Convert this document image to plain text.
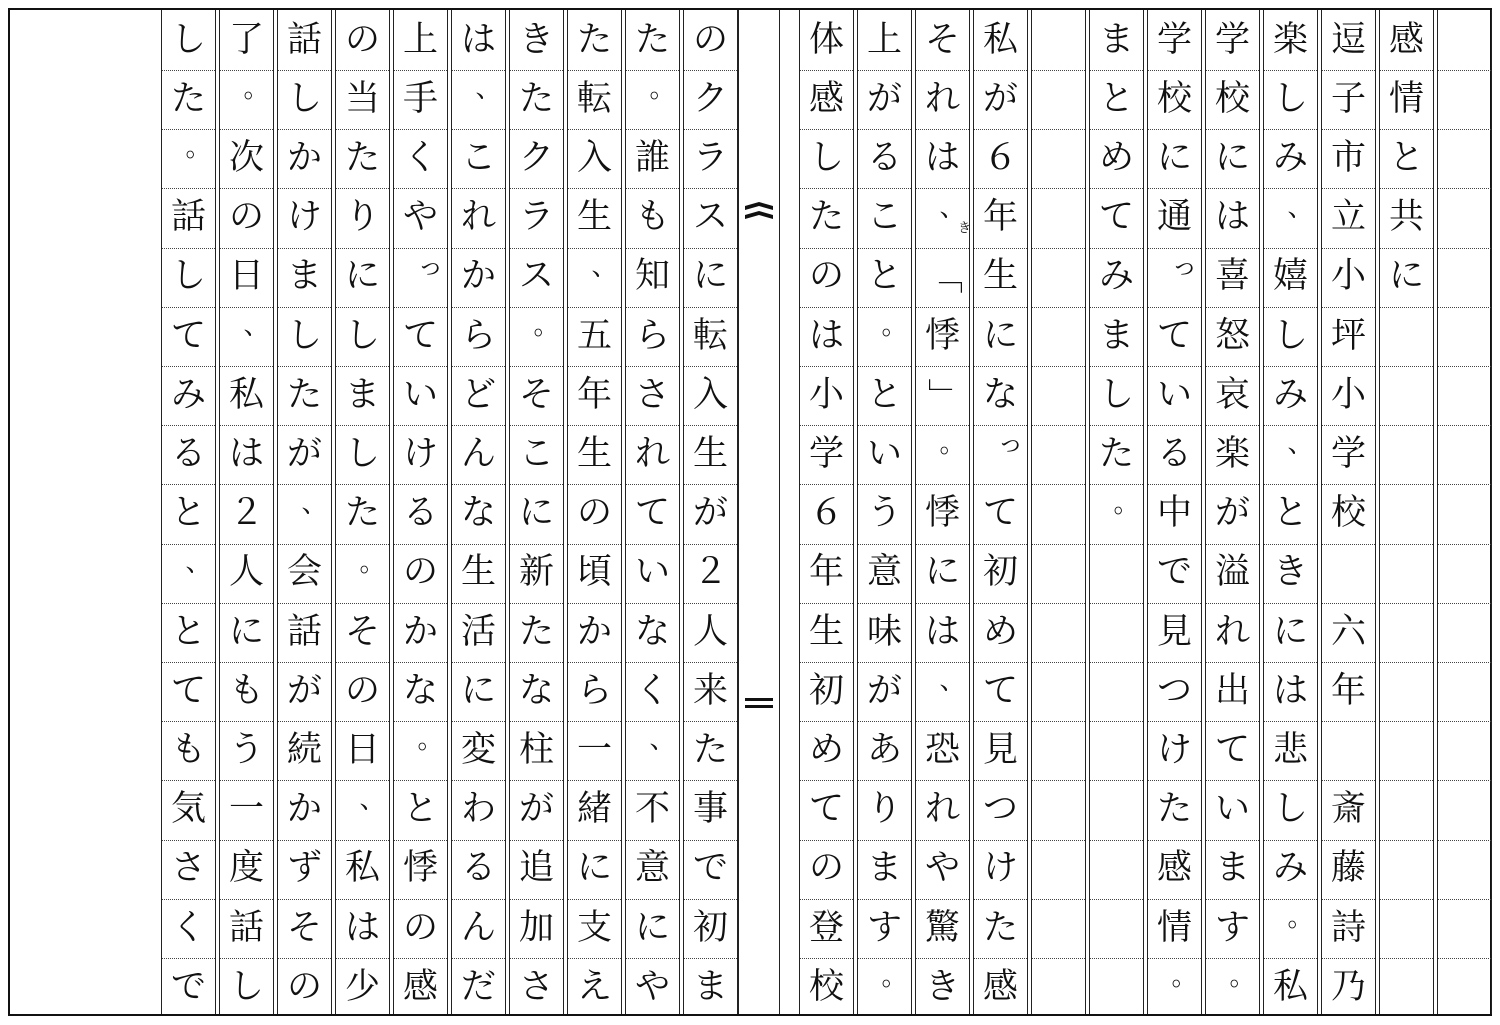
の
ク
ラ
ス
に
転
入
生
が
２
人
来
た
事
で
初
ま
た
。
誰
も
知
ら
さ
れ
て
い
な
く
、
不
意
に
や
た
転
入
生
、
五
年
生
の
頃
か
ら
一
緒
に
支
え
き
た
ク
ラ
ス
。
そ
こ
に
新
た
な
柱
が
追
加
さ
は
、
こ
れ
か
ら
ど
ん
な
生
活
に
変
わ
る
ん
だ
上
手
く
や
っ
て
い
け
る
の
か
な
。
と
悸
の
感
の
当
た
り
に
し
ま
し
た
。
そ
の
日
、
私
は
少
話
し
か
け
ま
し
た
が
、
会
話
が
続
か
ず
そ
の
了
。
次
の
日
、
私
は
２
人
に
も
う
一
度
話
し
し
た
。
話
し
て
み
る
と
、
と
て
も
気
さ
く
で
感
情
と
共
に
逗
子
市
立
小
坪
小
学
校
六
年
斎
藤
詩
乃
楽
し
み
、
嬉
し
み
、
と
き
に
は
悲
し
み
。
私
学
校
に
は
喜
怒
哀
楽
が
溢
れ
出
て
い
ま
す
。
学
校
に
通
っ
て
い
る
中
で
見
つ
け
た
感
情
。
ま
と
め
て
み
ま
し
た
。
私
が
６
年
生
に
な
っ
て
初
め
て
見
つ
け
た
感
そ
れ
は
、
「
悸
」
。
悸
に
は
、
恐
れ
や
驚
き
き
上
が
る
こ
と
。
と
い
う
意
味
が
あ
り
ま
す
。
体
感
し
た
の
は
小
学
６
年
生
初
め
て
の
登
校
